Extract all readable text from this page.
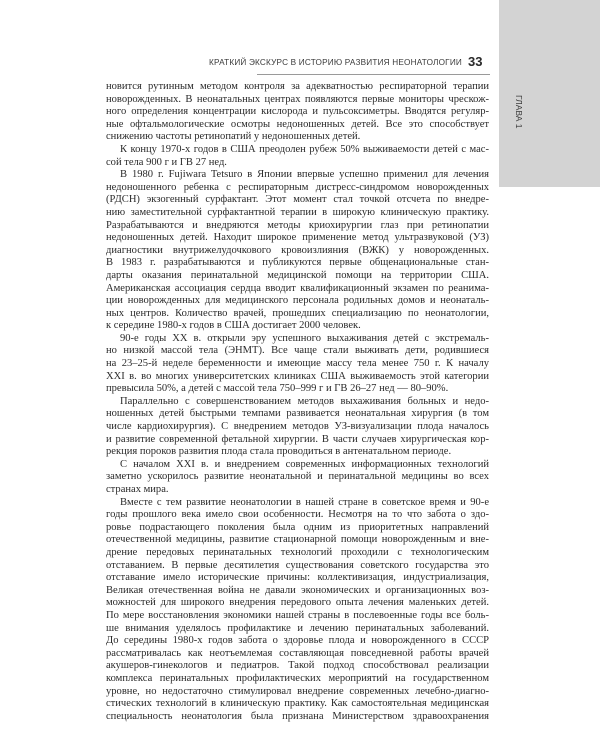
ГЛАВА 1
КРАТКИЙ ЭКСКУРС В ИСТОРИЮ РАЗВИТИЯ НЕОНАТОЛОГИИ 33
новится рутинным методом контроля за адекватностью респираторной терапии
новорожденных. В неонатальных центрах появляются первые мониторы чрескож-
ного определения концентрации кислорода и пульсоксиметры. Вводятся регуляр-
ные офтальмологические осмотры недоношенных детей. Все это способствует
снижению частоты ретинопатий у недоношенных детей.
К концу 1970-х годов в США преодолен рубеж 50% выживаемости детей с мас-
сой тела 900 г и ГВ 27 нед.
В 1980 г. Fujiwara Tetsuro в Японии впервые успешно применил для лечения
недоношенного ребенка с респираторным дистресс-синдромом новорожденных
(РДСН) экзогенный сурфактант. Этот момент стал точкой отсчета по внедре-
нию заместительной сурфактантной терапии в широкую клиническую практику.
Разрабатываются и внедряются методы криохирургии глаз при ретинопатии
недоношенных детей. Находит широкое применение метод ультразвуковой (УЗ)
диагностики внутрижелудочкового кровоизлияния (ВЖК) у новорожденных.
В 1983 г. разрабатываются и публикуются первые общенациональные стан-
дарты оказания перинатальной медицинской помощи на территории США.
Американская ассоциация сердца вводит квалификационный экзамен по реанима-
ции новорожденных для медицинского персонала родильных домов и неонаталь-
ных центров. Количество врачей, прошедших специализацию по неонатологии,
к середине 1980-х годов в США достигает 2000 человек.
90-е годы XX в. открыли эру успешного выхаживания детей с экстремаль-
но низкой массой тела (ЭНМТ). Все чаще стали выживать дети, родившиеся
на 23–25-й неделе беременности и имеющие массу тела менее 750 г. К началу
XXI в. во многих университетских клиниках США выживаемость этой категории
превысила 50%, а детей с массой тела 750–999 г и ГВ 26–27 нед — 80–90%.
Параллельно с совершенствованием методов выхаживания больных и недо-
ношенных детей быстрыми темпами развивается неонатальная хирургия (в том
числе кардиохирургия). С внедрением методов УЗ-визуализации плода началось
и развитие современной фетальной хирургии. В части случаев хирургическая кор-
рекция пороков развития плода стала проводиться в антенатальном периоде.
С началом XXI в. и внедрением современных информационных технологий
заметно ускорилось развитие неонатальной и перинатальной медицины во всех
странах мира.
Вместе с тем развитие неонатологии в нашей стране в советское время и 90-е
годы прошлого века имело свои особенности. Несмотря на то что забота о здо-
ровье подрастающего поколения была одним из приоритетных направлений
отечественной медицины, развитие стационарной помощи новорожденным и вне-
дрение передовых перинатальных технологий проходили с технологическим
отставанием. В первые десятилетия существования советского государства это
отставание имело исторические причины: коллективизация, индустриализация,
Великая отечественная война не давали экономических и организационных воз-
можностей для широкого внедрения передового опыта лечения маленьких детей.
По мере восстановления экономики нашей страны в послевоенные годы все боль-
ше внимания уделялось профилактике и лечению перинатальных заболеваний.
До середины 1980-х годов забота о здоровье плода и новорожденного в СССР
рассматривалась как неотъемлемая составляющая повседневной работы врачей
акушеров-гинекологов и педиатров. Такой подход способствовал реализации
комплекса перинатальных профилактических мероприятий на государственном
уровне, но недостаточно стимулировал внедрение современных лечебно-диагно-
стических технологий в клиническую практику. Как самостоятельная медицинская
специальность неонатология была признана Министерством здравоохранения
